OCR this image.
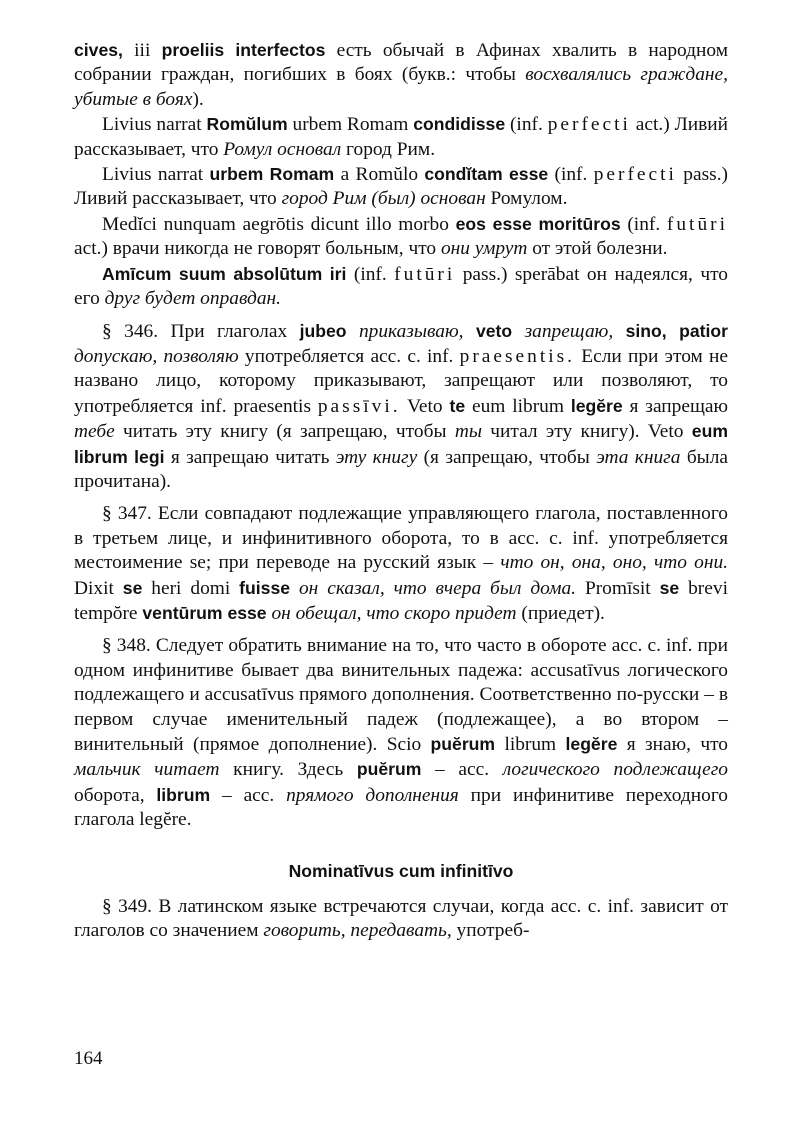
cives, iii proeliis interfectos есть обычай в Афинах хвалить в народном собрании граждан, погибших в боях (букв.: чтобы восхвалялись граждане, убитые в боях).

Livius narrat Romŭlum urbem Romam condidisse (inf. perfecti act.) Ливий рассказывает, что Ромул основал город Рим.

Livius narrat urbem Romam a Romŭlo condĭtam esse (inf. perfecti pass.) Ливий рассказывает, что город Рим (был) основан Ромулом.

Medĭci nunquam aegrōtis dicunt illo morbo eos esse moritūros (inf. futūri act.) врачи никогда не говорят больным, что они умрут от этой болезни.

Amīcum suum absolūtum iri (inf. futūri pass.) sperābat он надеялся, что его друг будет оправдан.

§ 346. При глаголах jubeo приказываю, veto запрещаю, sino, patior допускаю, позволяю употребляется acc. c. inf. praesentis. Если при этом не названо лицо, которому приказывают, запрещают или позволяют, то употребляется inf. praesentis passīvi. Veto te eum librum legĕre я запрещаю тебе читать эту книгу (я запрещаю, чтобы ты читал эту книгу). Veto eum librum legi я запрещаю читать эту книгу (я запрещаю, чтобы эта книга была прочитана).

§ 347. Если совпадают подлежащие управляющего глагола, поставленного в третьем лице, и инфинитивного оборота, то в acc. c. inf. употребляется местоимение se; при переводе на русский язык – что он, она, оно, что они. Dixit se heri domi fuisse он сказал, что вчера был дома. Promīsit se brevi tempŏre ventūrum esse он обещал, что скоро придет (приедет).

§ 348. Следует обратить внимание на то, что часто в обороте acc. c. inf. при одном инфинитиве бывает два винительных падежа: accusatīvus логического подлежащего и accusatīvus прямого дополнения. Соответственно по-русски – в первом случае именительный падеж (подлежащее), а во втором – винительный (прямое дополнение). Scio puĕrum librum legĕre я знаю, что мальчик читает книгу. Здесь puĕrum – acc. логического подлежащего оборота, librum – acc. прямого дополнения при инфинитиве переходного глагола legĕre.

Nominatīvus cum infinitīvo

§ 349. В латинском языке встречаются случаи, когда acc. c. inf. зависит от глаголов со значением говорить, передавать, употреб-

164
